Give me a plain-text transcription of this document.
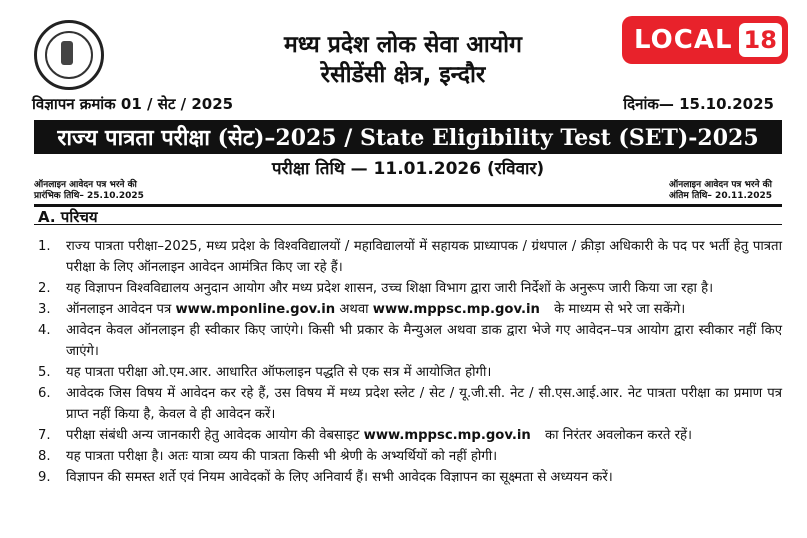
मध्य प्रदेश लोक सेवा आयोग
रेसीडेंसी क्षेत्र, इन्दौर
LOCAL 18
विज्ञापन क्रमांक 01 / सेट / 2025	दिनांक— 15.10.2025
राज्य पात्रता परीक्षा (सेट)–2025 / State Eligibility Test (SET)-2025
परीक्षा तिथि — 11.01.2026 (रविवार)
ऑनलाइन आवेदन पत्र भरने की
प्रारंभिक तिथि– 25.10.2025
ऑनलाइन आवेदन पत्र भरने की
अंतिम तिथि– 20.11.2025
A. परिचय
1.	राज्य पात्रता परीक्षा–2025, मध्य प्रदेश के विश्वविद्यालयों / महाविद्यालयों में सहायक प्राध्यापक / ग्रंथपाल / क्रीड़ा अधिकारी के पद पर भर्ती हेतु पात्रता परीक्षा के लिए ऑनलाइन आवेदन आमंत्रित किए जा रहे हैं।
2.	यह विज्ञापन विश्वविद्यालय अनुदान आयोग और मध्य प्रदेश शासन, उच्च शिक्षा विभाग द्वारा जारी निर्देशों के अनुरूप जारी किया जा रहा है।
3.	ऑनलाइन आवेदन पत्र www.mponline.gov.in अथवा www.mppsc.mp.gov.in के माध्यम से भरे जा सकेंगे।
4.	आवेदन केवल ऑनलाइन ही स्वीकार किए जाएंगे। किसी भी प्रकार के मैन्युअल अथवा डाक द्वारा भेजे गए आवेदन–पत्र आयोग द्वारा स्वीकार नहीं किए जाएंगे।
5.	यह पात्रता परीक्षा ओ.एम.आर. आधारित ऑफलाइन पद्धति से एक सत्र में आयोजित होगी।
6.	आवेदक जिस विषय में आवेदन कर रहे हैं, उस विषय में मध्य प्रदेश स्लेट / सेट / यू.जी.सी. नेट / सी.एस.आई.आर. नेट पात्रता परीक्षा का प्रमाण पत्र प्राप्त नहीं किया है, केवल वे ही आवेदन करें।
7.	परीक्षा संबंधी अन्य जानकारी हेतु आवेदक आयोग की वेबसाइट www.mppsc.mp.gov.in का निरंतर अवलोकन करते रहें।
8.	यह पात्रता परीक्षा है। अतः यात्रा व्यय की पात्रता किसी भी श्रेणी के अभ्यर्थियों को नहीं होगी।
9.	विज्ञापन की समस्त शर्ते एवं नियम आवेदकों के लिए अनिवार्य हैं। सभी आवेदक विज्ञापन का सूक्ष्मता से अध्ययन करें।
